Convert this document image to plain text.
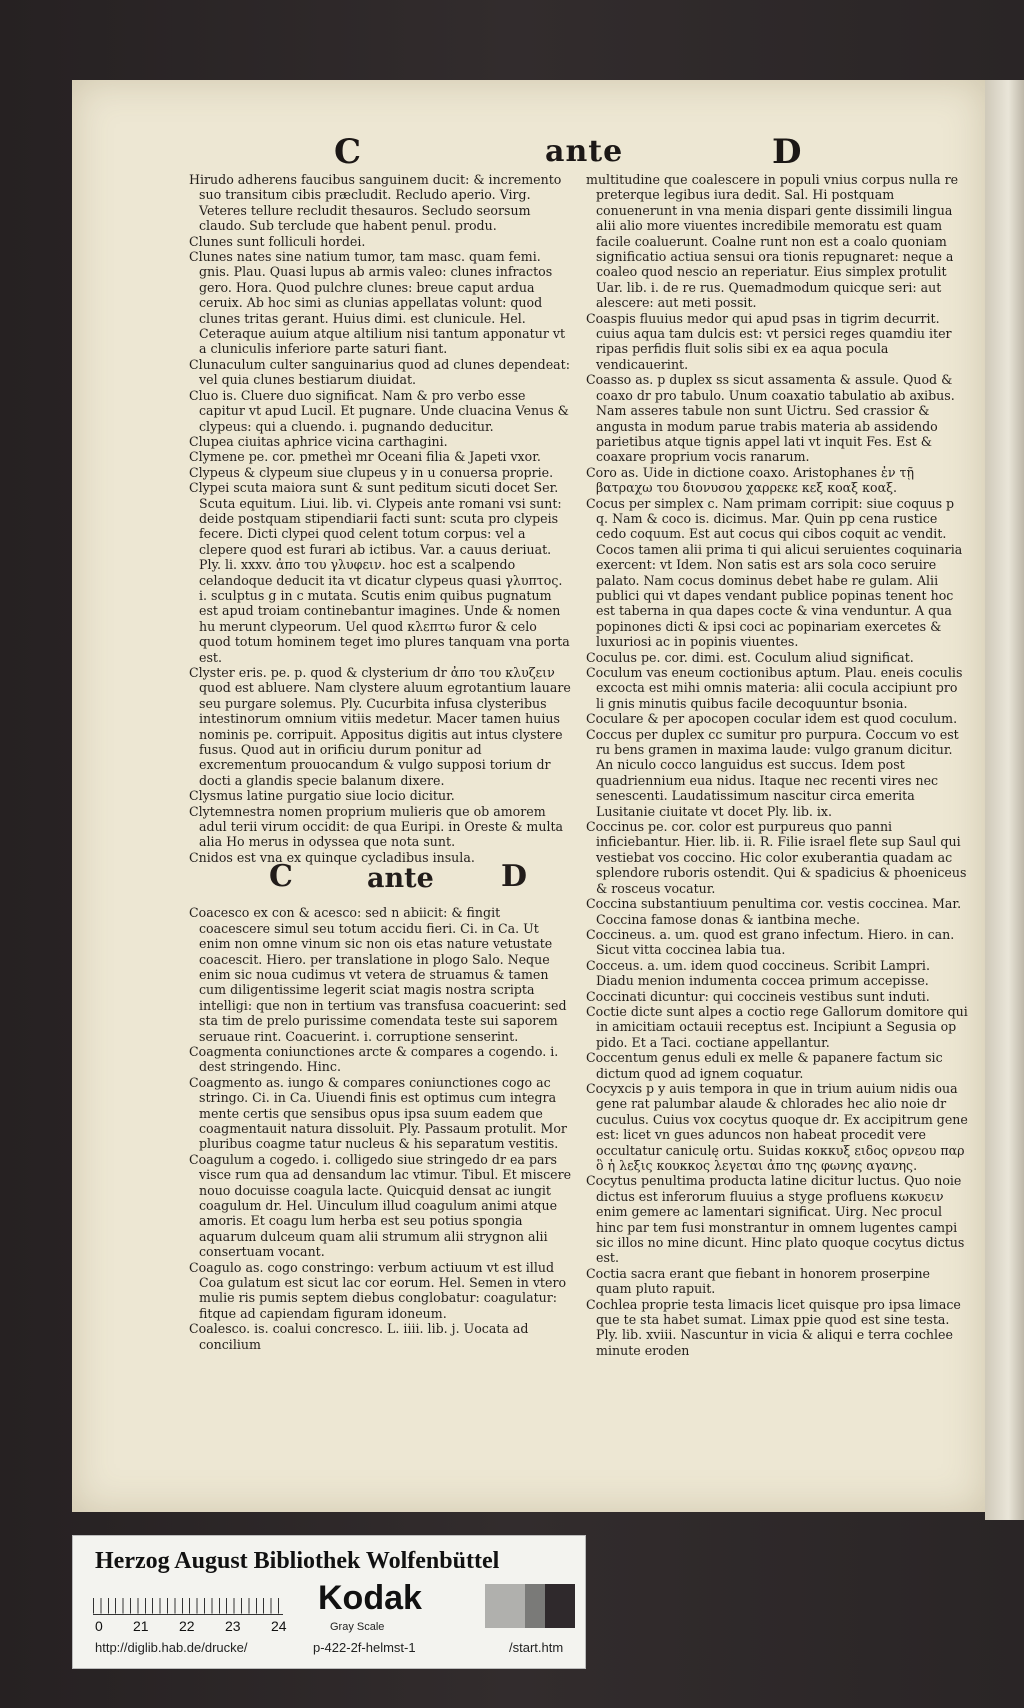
C	ante	D

Hirudo adherens faucibus sanguinem ducit: & incremento suo transitum cibis præcludit. Recludo aperio. Virg. Veteres tellure recludit thesauros. Secludo seorsum claudo. Sub terclude que habent penul. produ.

Clunes sunt folliculi hordei.

Clunes nates sine natium tumor, tam masc. quam femi. gnis. Plau. Quasi lupus ab armis valeo: clunes infractos gero. Hora. Quod pulchre clunes: breue caput ardua ceruix. Ab hoc simi as clunias appellatas volunt: quod clunes tritas gerant. Huius dimi. est clunicule. Hel. Ceteraque auium atque altilium nisi tantum apponatur vt a cluniculis inferiore parte saturi fiant.

Clunaculum culter sanguinarius quod ad clunes dependeat: vel quia clunes bestiarum diuidat.

Cluo is. Cluere duo significat. Nam & pro verbo esse capitur vt apud Lucil. Et pugnare. Unde cluacina Venus & clypeus: qui a cluendo. i. pugnando deducitur.

Clupea ciuitas aphrice vicina carthagini.

Clymene pe. cor. pmetheì mr Oceani filia & Japeti vxor.

Clypeus & clypeum siue clupeus y in u conuersa proprie.

Clypei scuta maiora sunt & sunt peditum sicuti docet Ser. Scuta equitum. Liui. lib. vi. Clypeis ante romani vsi sunt: deide postquam stipendiarii facti sunt: scuta pro clypeis fecere. Dicti clypei quod celent totum corpus: vel a clepere quod est furari ab ictibus. Var. a cauus deriuat. Ply. li. xxxv. ἀπο του γλυφειν. hoc est a scalpendo celandoque deducit ita vt dicatur clypeus quasi γλυπτος. i. sculptus g in c mutata. Scutis enim quibus pugnatum est apud troiam continebantur imagines. Unde & nomen hu merunt clypeorum. Uel quod κλεπτω furor & celo quod totum hominem teget imo plures tanquam vna porta est.

Clyster eris. pe. p. quod & clysterium dr ἀπο του κλυζειν quod est abluere. Nam clystere aluum egrotantium lauare seu purgare solemus. Ply. Cucurbita infusa clysteribus intestinorum omnium vitiis medetur. Macer tamen huius nominis pe. corripuit. Appositus digitis aut intus clystere fusus. Quod aut in orificiu durum ponitur ad excrementum prouocandum & vulgo supposi torium dr docti a glandis specie balanum dixere.

Clysmus latine purgatio siue locio dicitur.

Clytemnestra nomen proprium mulieris que ob amorem adul terii virum occidit: de qua Euripi. in Oreste & multa alia Ho merus in odyssea que nota sunt.

Cnidos est vna ex quinque cycladibus insula.

C	ante D

Coacesco ex con & acesco: sed n abiicit: & fingit coacescere simul seu totum accidu fieri. Ci. in Ca. Ut enim non omne vinum sic non ois etas nature vetustate coacescit. Hiero. per translatione in plogo Salo. Neque enim sic noua cudimus vt vetera de struamus & tamen cum diligentissime legerit sciat magis nostra scripta intelligi: que non in tertium vas transfusa coacuerint: sed sta tim de prelo purissime comendata teste sui saporem seruaue rint. Coacuerint. i. corruptione senserint.

Coagmenta coniunctiones arcte & compares a cogendo. i. dest stringendo. Hinc.

Coagmento as. iungo & compares coniunctiones cogo ac stringo. Ci. in Ca. Uiuendi finis est optimus cum integra mente certis que sensibus opus ipsa suum eadem que coagmentauit natura dissoluit. Ply. Passaum protulit. Mor pluribus coagme tatur nucleus & his separatum vestitis.

Coagulum a cogedo. i. colligedo siue stringedo dr ea pars visce rum qua ad densandum lac vtimur. Tibul. Et miscere nouo docuisse coagula lacte. Quicquid densat ac iungit coagulum dr. Hel. Uinculum illud coagulum animi atque amoris. Et coagu lum herba est seu potius spongia aquarum dulceum quam alii strumum alii strygnon alii consertuam vocant.

Coagulo as. cogo constringo: verbum actiuum vt est illud Coa gulatum est sicut lac cor eorum. Hel. Semen in vtero mulie ris pumis septem diebus conglobatur: coagulatur: fitque ad capiendam figuram idoneum.

Coalesco. is. coalui concresco. L. iiii. lib. j. Uocata ad concilium

multitudine que coalescere in populi vnius corpus nulla re preterque legibus iura dedit. Sal. Hi postquam conuenerunt in vna menia dispari gente dissimili lingua alii alio more viuentes incredibile memoratu est quam facile coaluerunt. Coalne runt non est a coalo quoniam significatio actiua sensui ora tionis repugnaret: neque a coaleo quod nescio an reperiatur. Eius simplex protulit Uar. lib. i. de re rus. Quemadmodum quicque seri: aut alescere: aut meti possit.

Coaspis fluuius medor qui apud psas in tigrim decurrit. cuius aqua tam dulcis est: vt persici reges quamdiu iter ripas perfidis fluit solis sibi ex ea aqua pocula vendicauerint.

Coasso as. p duplex ss sicut assamenta & assule. Quod & coaxo dr pro tabulo. Unum coaxatio tabulatio ab axibus. Nam asseres tabule non sunt Uictru. Sed crassior & angusta in modum parue trabis materia ab assidendo parietibus atque tignis appel lati vt inquit Fes. Est & coaxare proprium vocis ranarum.

Coro as. Uide in dictione coaxo. Aristophanes ἐν τῇ βατραχω του διονυσου χαρρεκε κεξ κοαξ κοαξ.

Cocus per simplex c. Nam primam corripit: siue coquus p q. Nam & coco is. dicimus. Mar. Quin pp cena rustice cedo coquum. Est aut cocus qui cibos coquit ac vendit. Cocos tamen alii prima ti qui alicui seruientes coquinaria exercent: vt Idem. Non satis est ars sola coco seruire palato. Nam cocus dominus debet habe re gulam. Alii publici qui vt dapes vendant publice popinas tenent hoc est taberna in qua dapes cocte & vina venduntur. A qua popinones dicti & ipsi coci ac popinariam exercetes & luxuriosi ac in popinis viuentes.

Coculus pe. cor. dimi. est. Coculum aliud significat.

Coculum vas eneum coctionibus aptum. Plau. eneis coculis excocta est mihi omnis materia: alii cocula accipiunt pro li gnis minutis quibus facile decoquuntur bsonia.

Coculare & per apocopen cocular idem est quod coculum.

Coccus per duplex cc sumitur pro purpura. Coccum vo est ru bens gramen in maxima laude: vulgo granum dicitur. An niculo cocco languidus est succus. Idem post quadriennium eua nidus. Itaque nec recenti vires nec senescenti. Laudatissimum nascitur circa emerita Lusitanie ciuitate vt docet Ply. lib. ix.

Coccinus pe. cor. color est purpureus quo panni inficiebantur. Hier. lib. ii. R. Filie israel flete sup Saul qui vestiebat vos coccino. Hic color exuberantia quadam ac splendore ruboris ostendit. Qui & spadicius & phoeniceus & rosceus vocatur.

Coccina substantiuum penultima cor. vestis coccinea. Mar. Coccina famose donas & iantbina meche.

Coccineus. a. um. quod est grano infectum. Hiero. in can. Sicut vitta coccinea labia tua.

Cocceus. a. um. idem quod coccineus. Scribit Lampri. Diadu menion indumenta coccea primum accepisse.

Coccinati dicuntur: qui coccineis vestibus sunt induti.

Coctie dicte sunt alpes a coctio rege Gallorum domitore qui in amicitiam octauii receptus est. Incipiunt a Segusia op pido. Et a Taci. coctiane appellantur.

Coccentum genus eduli ex melle & papanere factum sic dictum quod ad ignem coquatur.

Cocyxcis p y auis tempora in que in trium auium nidis oua gene rat palumbar alaude & chlorades hec alio noie dr cuculus. Cuius vox cocytus quoque dr. Ex accipitrum gene est: licet vn gues aduncos non habeat procedit vere occultatur caniculę ortu. Suidas κοκκυξ ειδος ορνεου παρ ὃ ἡ λεξις κουκκος λεγεται ἀπο της φωνης αγανης.

Cocytus penultima producta latine dicitur luctus. Quo noie dictus est inferorum fluuius a styge profluens κωκυειν enim gemere ac lamentari significat. Uirg. Nec procul hinc par tem fusi monstrantur in omnem lugentes campi sic illos no mine dicunt. Hinc plato quoque cocytus dictus est.

Coctia sacra erant que fiebant in honorem proserpine quam pluto rapuit.

Cochlea proprie testa limacis licet quisque pro ipsa limace que te sta habet sumat. Limax ppie quod est sine testa. Ply. lib. xviii. Nascuntur in vicia & aliqui e terra cochlee minute eroden

Herzog August Bibliothek Wolfenbüttel
0 21 22 23 24
Kodak
Gray Scale
http://diglib.hab.de/drucke/	p-422-2f-helmst-1	/start.htm
